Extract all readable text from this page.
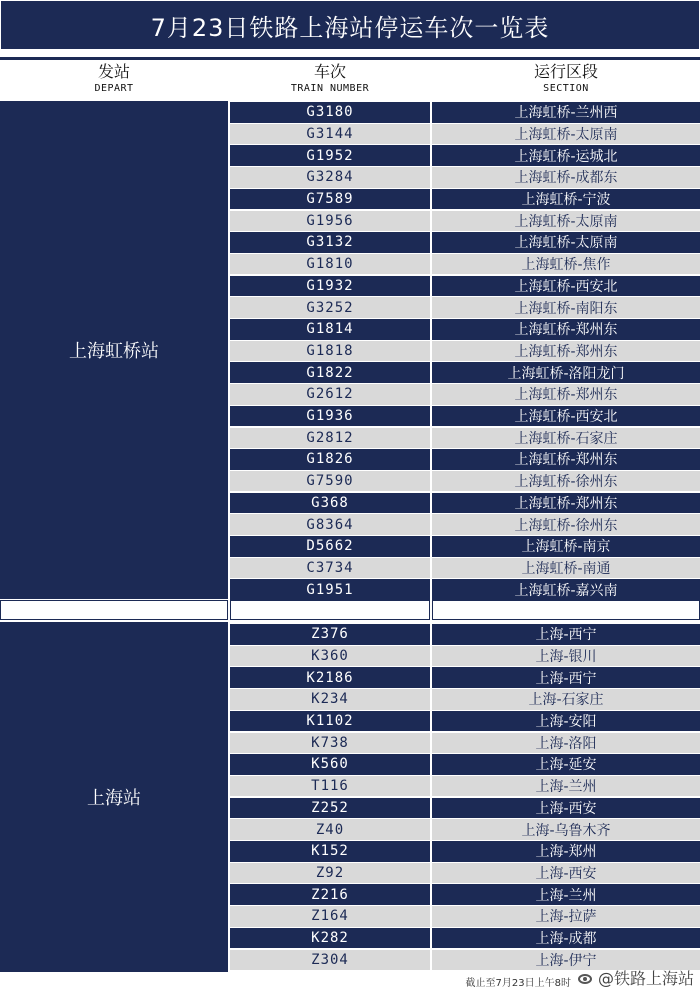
7月23日铁路上海站停运车次一览表
发站
DEPART
车次
TRAIN NUMBER
运行区段
SECTION
上海虹桥站
上海站
G3180	上海虹桥-兰州西
G3144	上海虹桥-太原南
G1952	上海虹桥-运城北
G3284	上海虹桥-成都东
G7589	上海虹桥-宁波
G1956	上海虹桥-太原南
G3132	上海虹桥-太原南
G1810	上海虹桥-焦作
G1932	上海虹桥-西安北
G3252	上海虹桥-南阳东
G1814	上海虹桥-郑州东
G1818	上海虹桥-郑州东
G1822	上海虹桥-洛阳龙门
G2612	上海虹桥-郑州东
G1936	上海虹桥-西安北
G2812	上海虹桥-石家庄
G1826	上海虹桥-郑州东
G7590	上海虹桥-徐州东
G368	上海虹桥-郑州东
G8364	上海虹桥-徐州东
D5662	上海虹桥-南京
C3734	上海虹桥-南通
G1951	上海虹桥-嘉兴南
Z376	上海-西宁
K360	上海-银川
K2186	上海-西宁
K234	上海-石家庄
K1102	上海-安阳
K738	上海-洛阳
K560	上海-延安
T116	上海-兰州
Z252	上海-西安
Z40	上海-乌鲁木齐
K152	上海-郑州
Z92	上海-西安
Z216	上海-兰州
Z164	上海-拉萨
K282	上海-成都
Z304	上海-伊宁
截止至7月23日上午8时 @铁路上海站
